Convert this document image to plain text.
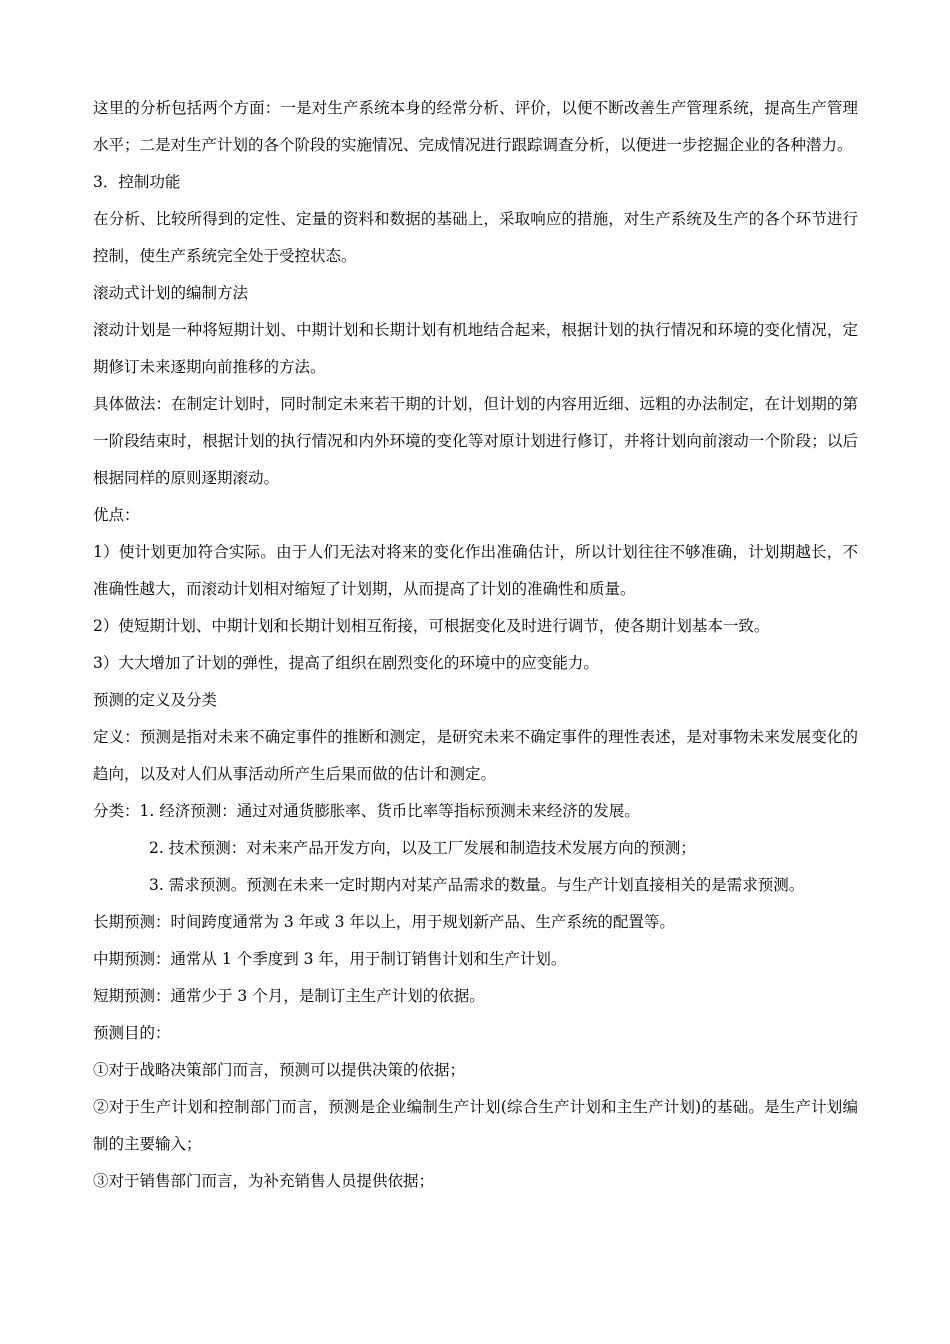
这里的分析包括两个方面：一是对生产系统本身的经常分析、评价，以便不断改善生产管理系统，提高生产管理水平；二是对生产计划的各个阶段的实施情况、完成情况进行跟踪调查分析，以便进一步挖掘企业的各种潜力。

3．控制功能

在分析、比较所得到的定性、定量的资料和数据的基础上，采取响应的措施，对生产系统及生产的各个环节进行控制，使生产系统完全处于受控状态。

滚动式计划的编制方法

滚动计划是一种将短期计划、中期计划和长期计划有机地结合起来，根据计划的执行情况和环境的变化情况，定期修订未来逐期向前推移的方法。

具体做法：在制定计划时，同时制定未来若干期的计划，但计划的内容用近细、远粗的办法制定，在计划期的第一阶段结束时，根据计划的执行情况和内外环境的变化等对原计划进行修订，并将计划向前滚动一个阶段；以后根据同样的原则逐期滚动。

优点：

1）使计划更加符合实际。由于人们无法对将来的变化作出准确估计，所以计划往往不够准确，计划期越长，不准确性越大，而滚动计划相对缩短了计划期，从而提高了计划的准确性和质量。

2）使短期计划、中期计划和长期计划相互衔接，可根据变化及时进行调节，使各期计划基本一致。

3）大大增加了计划的弹性，提高了组织在剧烈变化的环境中的应变能力。

预测的定义及分类

定义：预测是指对未来不确定事件的推断和测定，是研究未来不确定事件的理性表述，是对事物未来发展变化的趋向，以及对人们从事活动所产生后果而做的估计和测定。

分类：1. 经济预测：通过对通货膨胀率、货币比率等指标预测未来经济的发展。

2. 技术预测：对未来产品开发方向，以及工厂发展和制造技术发展方向的预测；

3. 需求预测。预测在未来一定时期内对某产品需求的数量。与生产计划直接相关的是需求预测。

长期预测：时间跨度通常为 3 年或 3 年以上，用于规划新产品、生产系统的配置等。

中期预测：通常从 1 个季度到 3 年，用于制订销售计划和生产计划。

短期预测：通常少于 3 个月，是制订主生产计划的依据。

预测目的：

①对于战略决策部门而言，预测可以提供决策的依据；

②对于生产计划和控制部门而言，预测是企业编制生产计划(综合生产计划和主生产计划)的基础。是生产计划编制的主要输入；

③对于销售部门而言，为补充销售人员提供依据；
